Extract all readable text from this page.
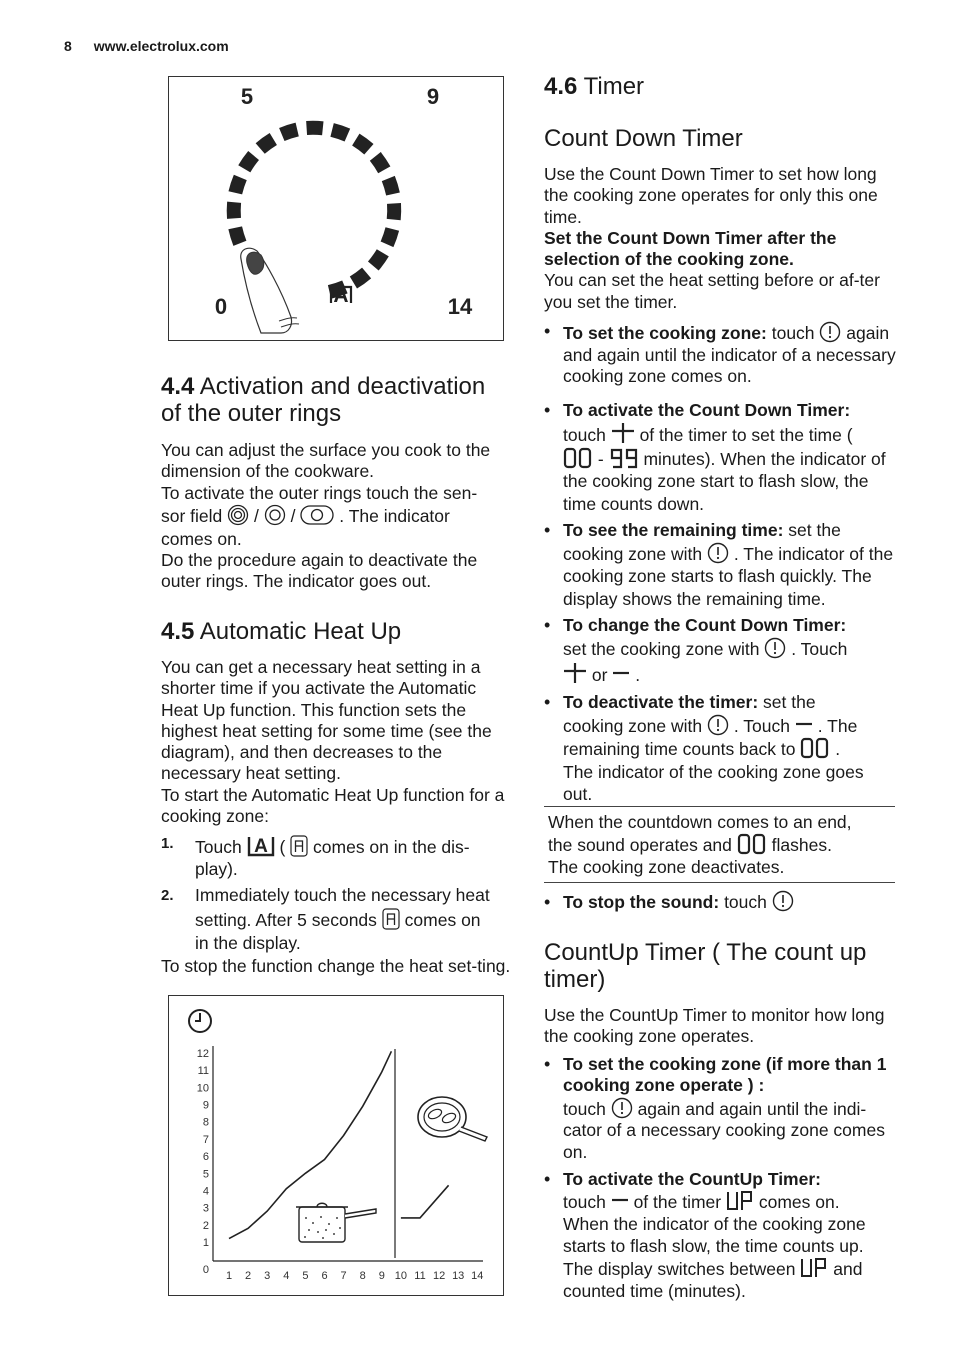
8 www.electrolux.com
A
5	9
0	14

4.4 Activation and deactivation of the outer rings

You can adjust the surface you cook to the dimension of the cookware.

To activate the outer rings touch the sen-

sor field / /	. The indicator

comes on.

Do the procedure again to deactivate the outer rings. The indicator goes out.

4.5 Automatic Heat Up

You can get a necessary heat setting in a shorter time if you activate the Automatic Heat Up function. This function sets the highest heat setting for some time (see the diagram), and then decreases to the necessary heat setting.

To start the Automatic Heat Up function for a cooking zone:

1. Touch A ( comes on in the dis-
play).
2. Immediately touch the necessary heat
setting. After 5 seconds comes on
in the display.

To stop the function change the heat set-ting.

0
1
2
3
4
5
6
7
8
9
10
11
12
1 2 3 4 5 6 7 8 9 10 11 12 13 14

4.6 Timer

Count Down Timer

Use the Count Down Timer to set how long the cooking zone operates for only this one time.

Set the Count Down Timer after the selection of the cooking zone.

You can set the heat setting before or af-ter you set the timer.

• To set the cooking zone: touch again and again until the indicator of a necessary cooking zone comes on.
• To activate the Count Down Timer:
touch of the timer to set the time (
- minutes). When the indicator of the cooking zone start to flash slow, the time counts down.
• To see the remaining time: set the
cooking zone with . The indicator of the cooking zone starts to flash quickly. The display shows the remaining time.
• To change the Count Down Timer:
set the cooking zone with . Touch
or .
• To deactivate the timer: set the
cooking zone with . Touch . The
remaining time counts back to .
The indicator of the cooking zone goes out.

When the countdown comes to an end,
the sound operates and flashes.
The cooking zone deactivates.

• To stop the sound: touch

CountUp Timer ( The count up timer)

Use the CountUp Timer to monitor how long the cooking zone operates.

• To set the cooking zone (if more than 1 cooking zone operate ) :
touch again and again until the indi-cator of a necessary cooking zone comes on.
• To activate the CountUp Timer:
touch of the timer comes on.
When the indicator of the cooking zone starts to flash slow, the time counts up.
The display switches between and
counted time (minutes).
